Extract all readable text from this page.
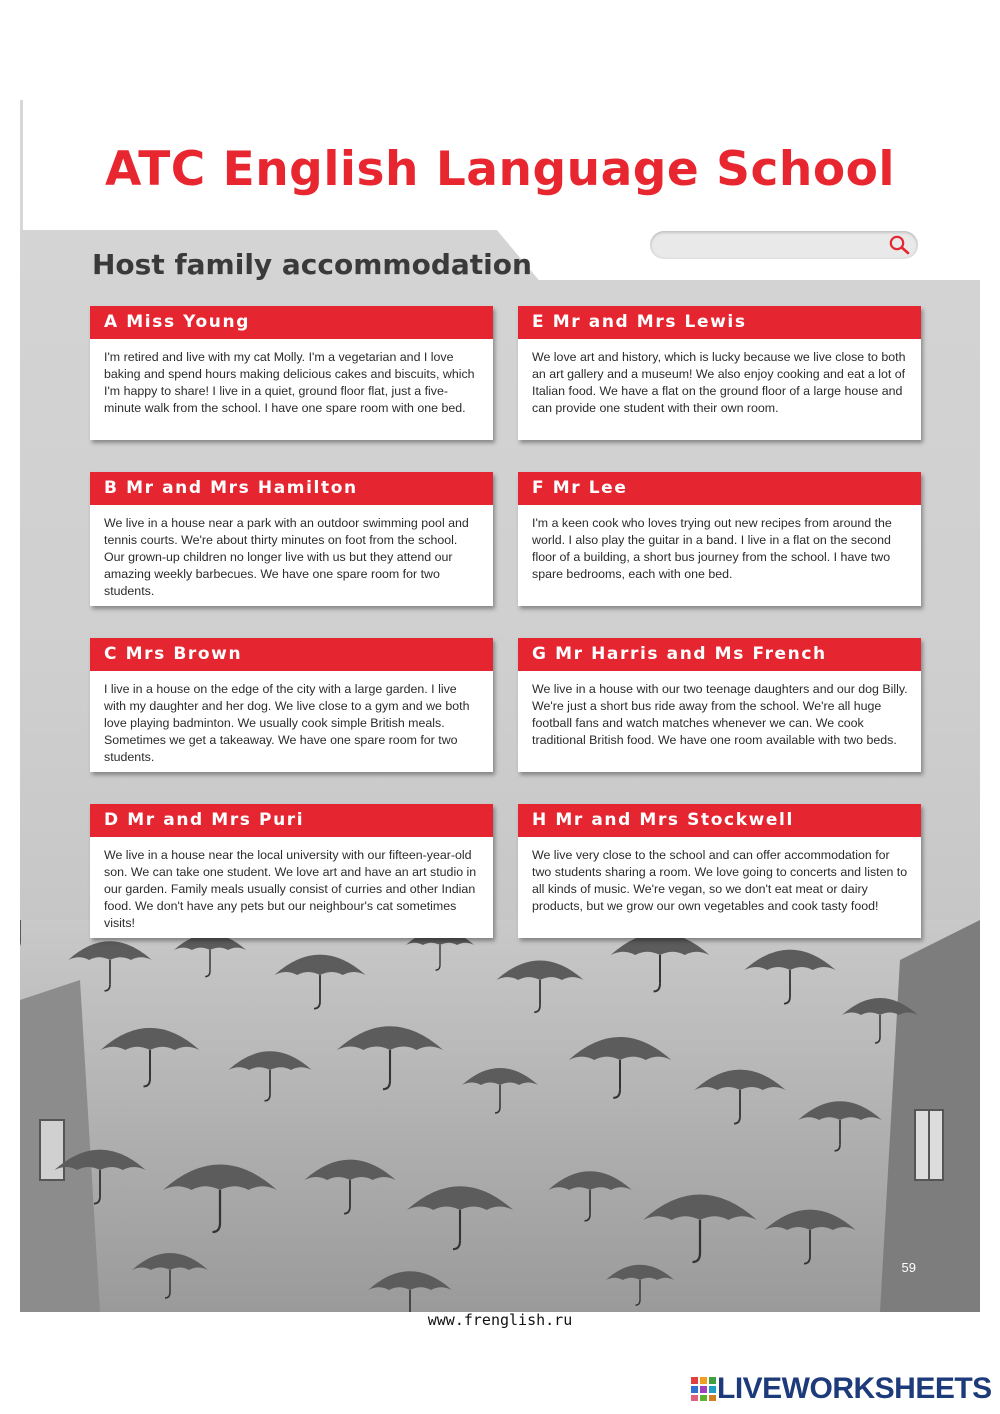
ATC English Language School
Host family accommodation
A Miss Young
I'm retired and live with my cat Molly. I'm a vegetarian and I love baking and spend hours making delicious cakes and biscuits, which I'm happy to share! I live in a quiet, ground floor flat, just a five-minute walk from the school. I have one spare room with one bed.
E Mr and Mrs Lewis
We love art and history, which is lucky because we live close to both an art gallery and a museum! We also enjoy cooking and eat a lot of Italian food. We have a flat on the ground floor of a large house and can provide one student with their own room.
B Mr and Mrs Hamilton
We live in a house near a park with an outdoor swimming pool and tennis courts. We're about thirty minutes on foot from the school. Our grown-up children no longer live with us but they attend our amazing weekly barbecues. We have one spare room for two students.
F Mr Lee
I'm a keen cook who loves trying out new recipes from around the world. I also play the guitar in a band. I live in a flat on the second floor of a building, a short bus journey from the school. I have two spare bedrooms, each with one bed.
C Mrs Brown
I live in a house on the edge of the city with a large garden. I live with my daughter and her dog. We live close to a gym and we both love playing badminton. We usually cook simple British meals. Sometimes we get a takeaway. We have one spare room for two students.
G Mr Harris and Ms French
We live in a house with our two teenage daughters and our dog Billy. We're just a short bus ride away from the school. We're all huge football fans and watch matches whenever we can. We cook traditional British food. We have one room available with two beds.
D Mr and Mrs Puri
We live in a house near the local university with our fifteen-year-old son. We can take one student. We love art and have an art studio in our garden. Family meals usually consist of curries and other Indian food. We don't have any pets but our neighbour's cat sometimes visits!
H Mr and Mrs Stockwell
We live very close to the school and can offer accommodation for two students sharing a room. We love going to concerts and listen to all kinds of music. We're vegan, so we don't eat meat or dairy products, but we grow our own vegetables and cook tasty food!
59
www.frenglish.ru
LIVEWORKSHEETS
